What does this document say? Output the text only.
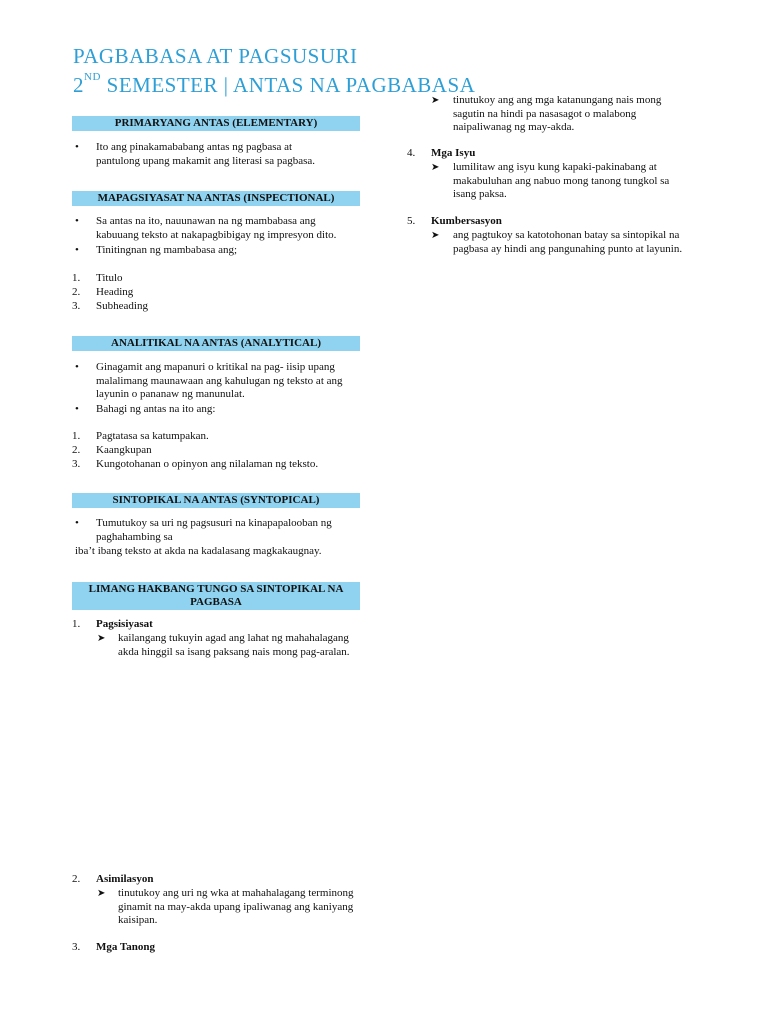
PAGBABASA AT PAGSUSURI
2ND SEMESTER | ANTAS NA PAGBABASA
PRIMARYANG ANTAS (ELEMENTARY)
• Ito ang pinakamababang antas ng pagbasa at pantulong upang makamit ang literasi sa pagbasa.
MAPAGSIYASAT NA ANTAS (INSPECTIONAL)
• Sa antas na ito, nauunawan na ng mambabasa ang kabuuang teksto at nakapagbibigay ng impresyon dito.
• Tinitingnan ng mambabasa ang;
1. Titulo
2. Heading
3. Subheading
ANALITIKAL NA ANTAS (ANALYTICAL)
• Ginagamit ang mapanuri o kritikal na pag- iisip upang malalimang maunawaan ang kahulugan ng teksto at ang layunin o pananaw ng manunulat.
• Bahagi ng antas na ito ang:
1. Pagtatasa sa katumpakan.
2. Kaangkupan
3. Kungotohanan o opinyon ang nilalaman ng teksto.
SINTOPIKAL NA ANTAS (SYNTOPICAL)
• Tumutukoy sa uri ng pagsusuri na kinapapalooban ng paghahambing sa
iba’t ibang teksto at akda na kadalasang magkakaugnay.
LIMANG HAKBANG TUNGO SA SINTOPIKAL NA PAGBASA
1. Pagsisiyasat
➤ kailangang tukuyin agad ang lahat ng mahahalagang akda hinggil sa isang paksang nais mong pag-aralan.
2. Asimilasyon
➤ tinutukoy ang uri ng wka at mahahalagang terminong ginamit na may-akda upang ipaliwanag ang kaniyang kaisipan.
3. Mga Tanong
➤ tinutukoy ang ang mga katanungang nais mong sagutin na hindi pa nasasagot o malabong naipaliwanag ng may-akda.
4. Mga Isyu
➤ lumilitaw ang isyu kung kapaki-pakinabang at makabuluhan ang nabuo mong tanong tungkol sa isang paksa.
5. Kumbersasyon
➤ ang pagtukoy sa katotohonan batay sa sintopikal na pagbasa ay hindi ang pangunahing punto at layunin.
